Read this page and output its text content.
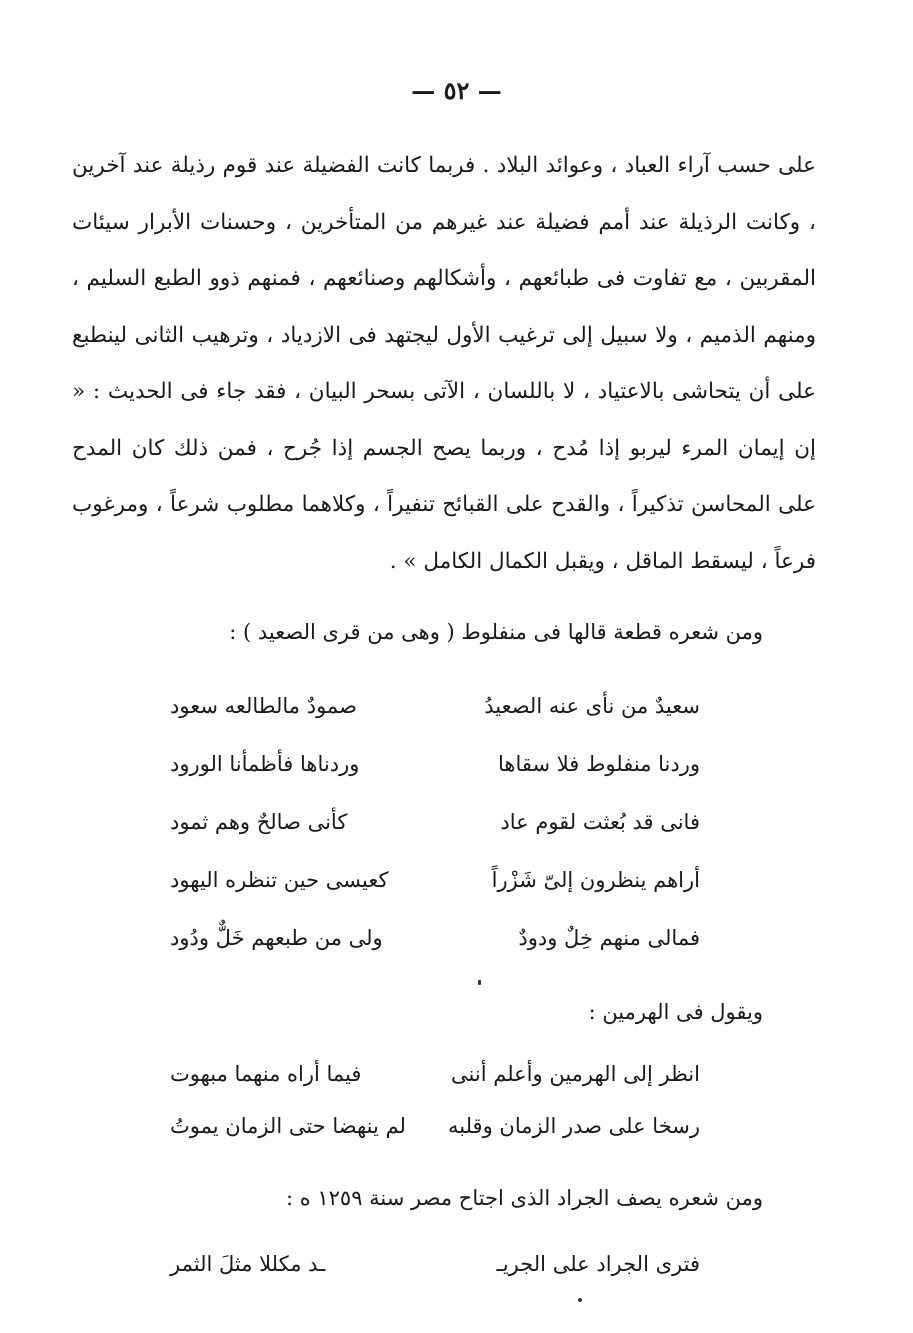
— ٥٢ —

على حسب آراء العباد ، وعوائد البلاد . فربما كانت الفضيلة عند قوم رذيلة عند آخرين ، وكانت الرذيلة عند أمم فضيلة عند غيرهم من المتأخرين ، وحسنات الأبرار سيئات المقربين ، مع تفاوت فى طبائعهم ، وأشكالهم وصنائعهم ، فمنهم ذوو الطبع السليم ، ومنهم الذميم ، ولا سبيل إلى ترغيب الأول ليجتهد فى الازدياد ، وترهيب الثانى لينطبع على أن يتحاشى بالاعتياد ، لا باللسان ، الآتى بسحر البيان ، فقد جاء فى الحديث : « إن إيمان المرء ليربو إذا مُدح ، وربما يصح الجسم إذا جُرح ، فمن ذلك كان المدح على المحاسن تذكيراً ، والقدح على القبائح تنفيراً ، وكلاهما مطلوب شرعاً ، ومرغوب فرعاً ، ليسقط الماقل ، ويقبل الكمال الكامل » .

ومن شعره قطعة قالها فى منفلوط ( وهى من قرى الصعيد ) :

سعيدٌ من نأى عنه الصعيدُ
صمودٌ مالطالعه سعود
وردنا منفلوط فلا سقاها
وردناها فأظمأنا الورود
فانى قد بُعثت لقوم عاد
كأنى صالحٌ وهم ثمود
أراهم ينظرون إلىّ شَزْراً
كعيسى حين تنظره اليهود
فمالى منهم خِلٌ ودودٌ
ولى من طبعهم خَلٌّ ودُود

ويقول فى الهرمين :

انظر إلى الهرمين وأعلم أننى
فيما أراه منهما مبهوت
رسخا على صدر الزمان وقلبه
لم ينهضا حتى الزمان يموتُ

ومن شعره يصف الجراد الذى اجتاح مصر سنة ١٢٥٩ ه :

فترى الجراد على الجريـ
ـد مكللا مثلَ الثمر
